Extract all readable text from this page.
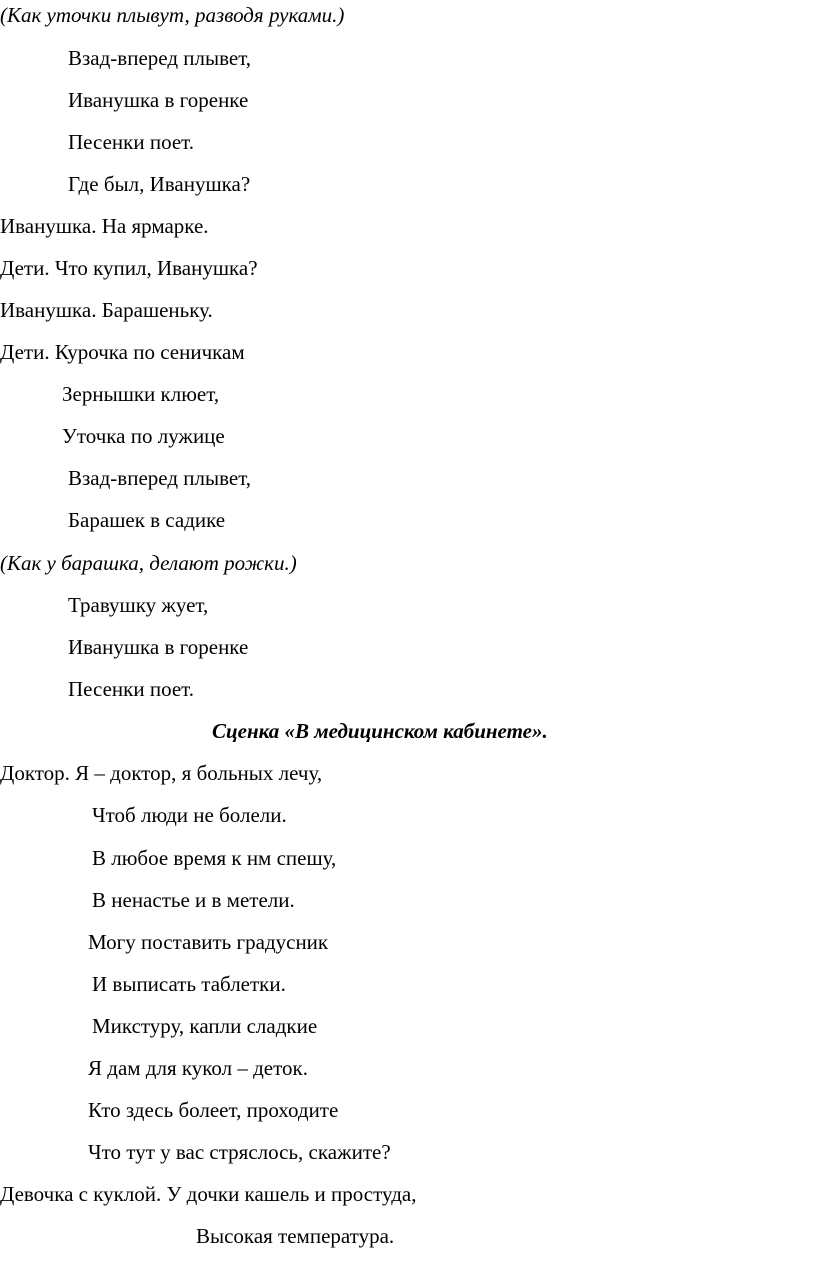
(Как уточки плывут, разводя руками.)
Взад-вперед плывет,
Иванушка в горенке
Песенки поет.
Где был, Иванушка?
Иванушка. На ярмарке.
Дети. Что купил, Иванушка?
Иванушка. Барашеньку.
Дети. Курочка по сеничкам
Зернышки клюет,
Уточка по лужице
Взад-вперед плывет,
Барашек в садике
(Как у барашка, делают рожки.)
Травушку жует,
Иванушка в горенке
Песенки поет.
Сценка «В медицинском кабинете».
Доктор. Я – доктор, я больных лечу,
Чтоб люди не болели.
В любое время к нм спешу,
В ненастье и в метели.
Могу поставить градусник
И выписать таблетки.
Микстуру, капли сладкие
Я дам для кукол – деток.
Кто здесь болеет, проходите
Что тут у вас стряслось, скажите?
Девочка с куклой. У дочки кашель и простуда,
Высокая температура.
